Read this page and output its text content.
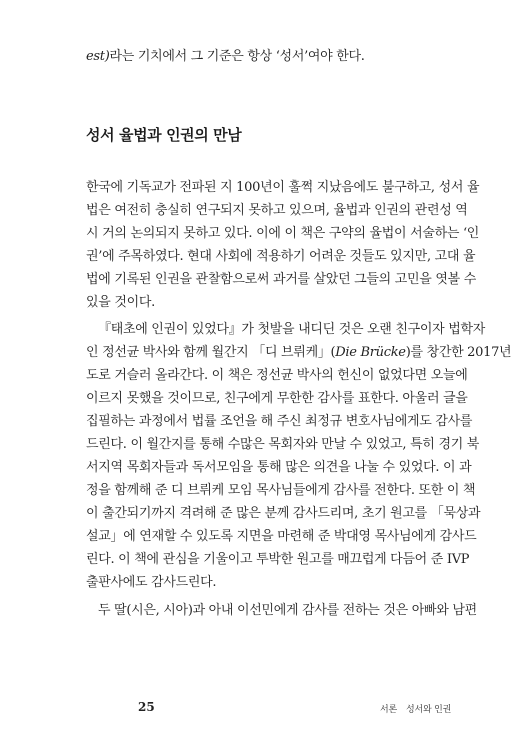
est)라는 기치에서 그 기준은 항상 ‘성서’여야 한다.
성서 율법과 인권의 만남
한국에 기독교가 전파된 지 100년이 훌쩍 지났음에도 불구하고, 성서 율
법은 여전히 충실히 연구되지 못하고 있으며, 율법과 인권의 관련성 역
시 거의 논의되지 못하고 있다. 이에 이 책은 구약의 율법이 서술하는 ‘인
권’에 주목하였다. 현대 사회에 적용하기 어려운 것들도 있지만, 고대 율
법에 기록된 인권을 관찰함으로써 과거를 살았던 그들의 고민을 엿볼 수
있을 것이다.
『태초에 인권이 있었다』가 첫발을 내디딘 것은 오랜 친구이자 법학자
인 정선균 박사와 함께 월간지 「디 브뤼케」(Die Brücke)를 창간한 2017년
도로 거슬러 올라간다. 이 책은 정선균 박사의 헌신이 없었다면 오늘에
이르지 못했을 것이므로, 친구에게 무한한 감사를 표한다. 아울러 글을
집필하는 과정에서 법률 조언을 해 주신 최정규 변호사님에게도 감사를
드린다. 이 월간지를 통해 수많은 목회자와 만날 수 있었고, 특히 경기 북
서지역 목회자들과 독서모임을 통해 많은 의견을 나눌 수 있었다. 이 과
정을 함께해 준 디 브뤼케 모임 목사님들에게 감사를 전한다. 또한 이 책
이 출간되기까지 격려해 준 많은 분께 감사드리며, 초기 원고를 「묵상과
설교」에 연재할 수 있도록 지면을 마련해 준 박대영 목사님에게 감사드
린다. 이 책에 관심을 기울이고 투박한 원고를 매끄럽게 다듬어 준 IVP
출판사에도 감사드린다.
두 딸(시은, 시아)과 아내 이선민에게 감사를 전하는 것은 아빠와 남편
25	서론 성서와 인권
